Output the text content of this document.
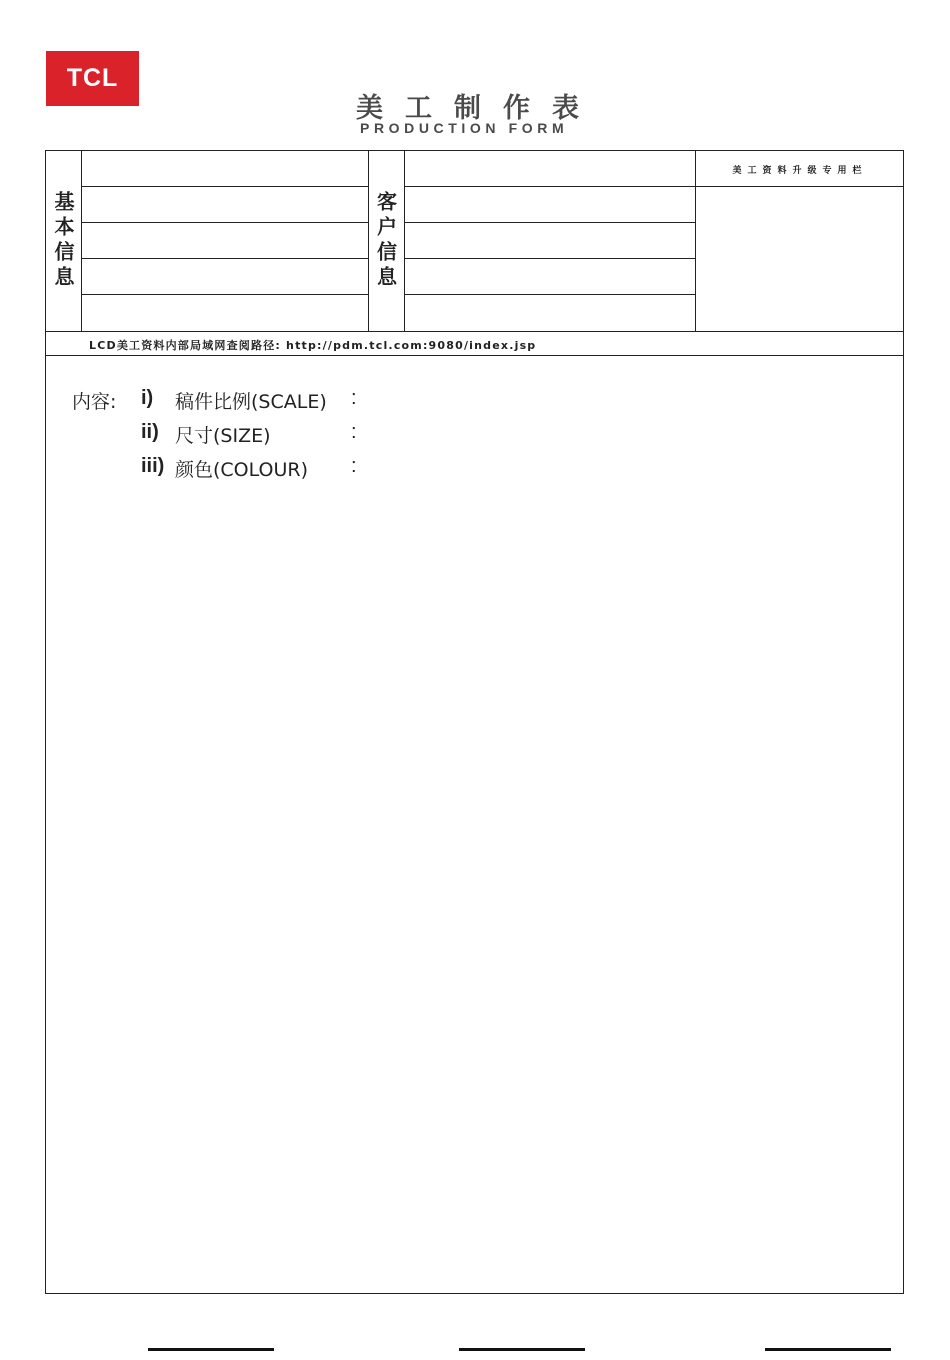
TCL
美工制作表
PRODUCTION FORM
基本信息	客户信息
美工资料升级专用栏
LCD美工资料内部局域网查阅路径: http://pdm.tcl.com:9080/index.jsp
内容: i) 稿件比例(SCALE) :
ii) 尺寸(SIZE)	:
iii) 颜色(COLOUR) :
